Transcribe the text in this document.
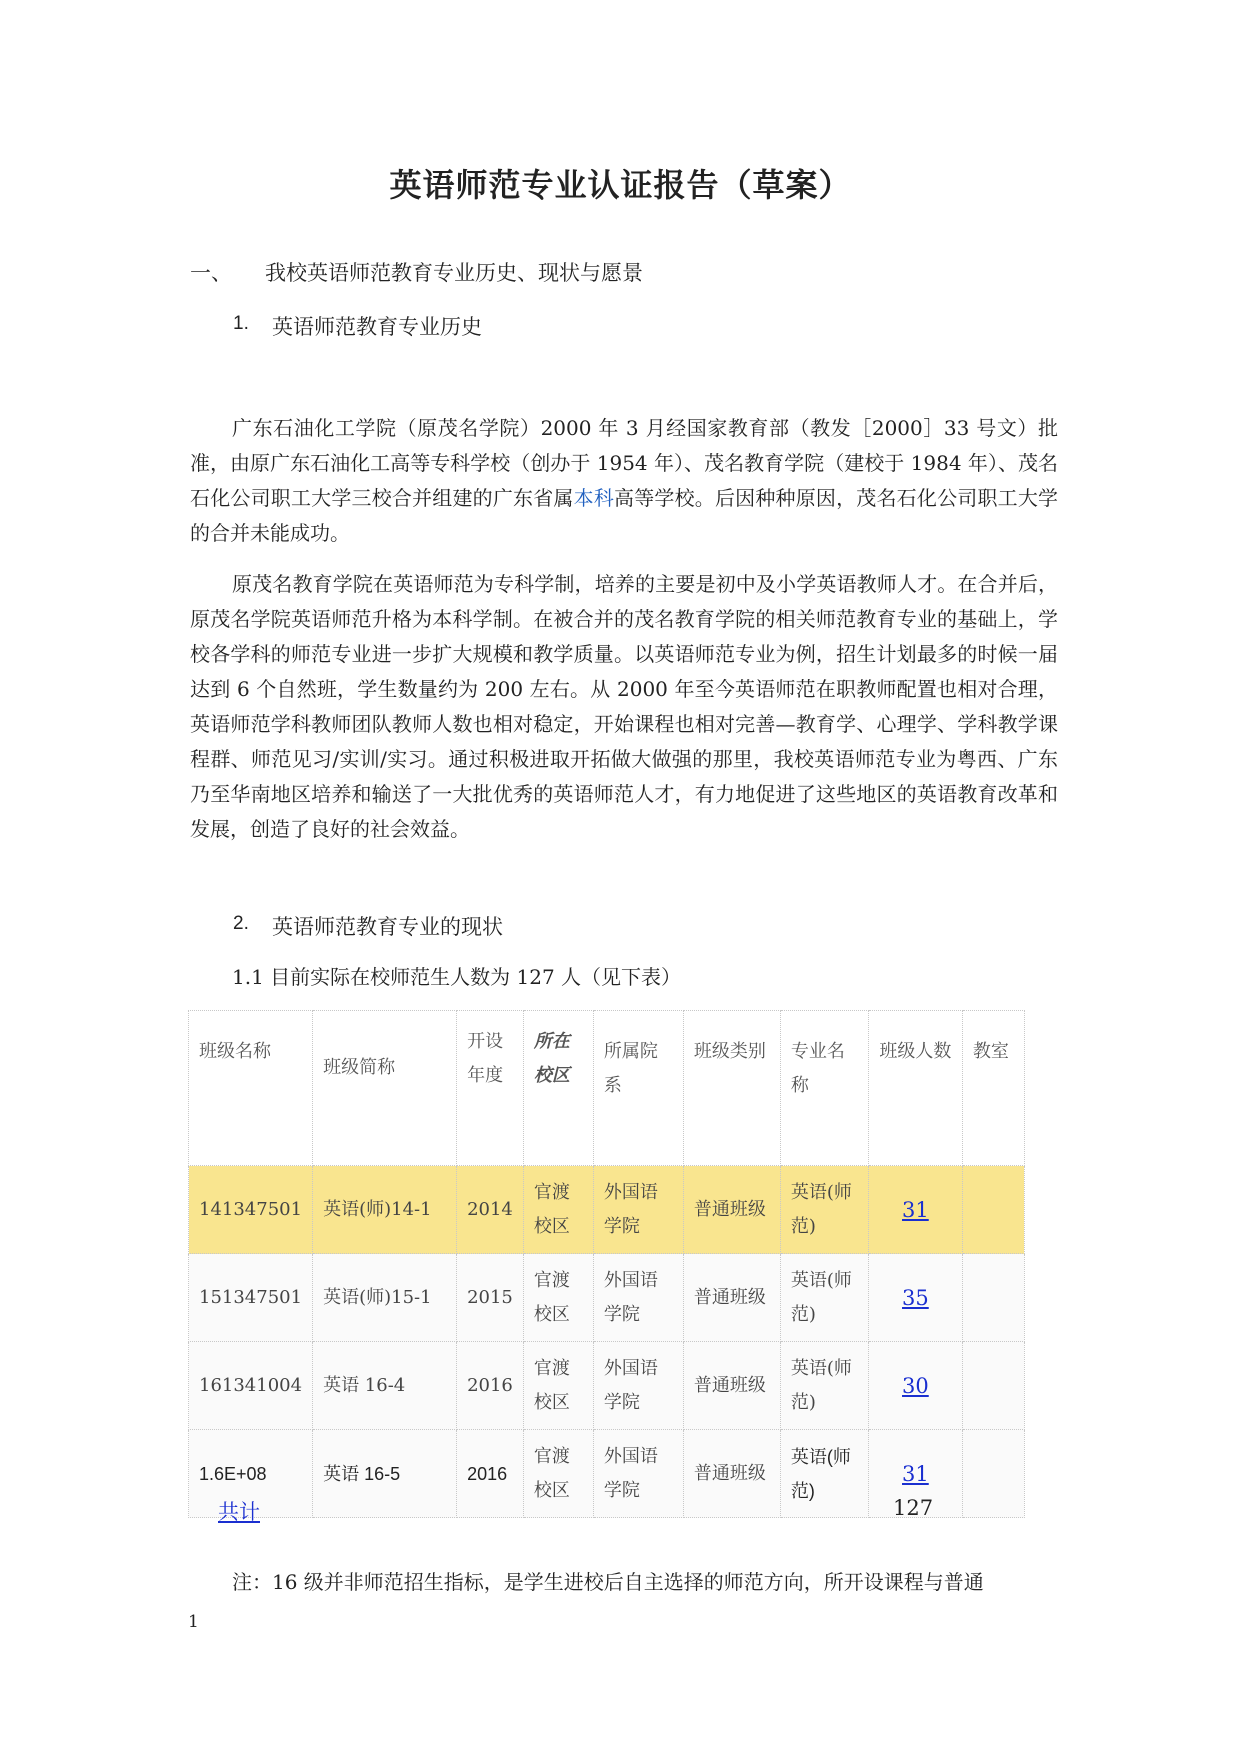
英语师范专业认证报告（草案）
一、 我校英语师范教育专业历史、现状与愿景
1. 英语师范教育专业历史

广东石油化工学院（原茂名学院）2000 年 3 月经国家教育部（教发［2000］33 号文）批准，由原广东石油化工高等专科学校（创办于 1954 年）、茂名教育学院（建校于 1984 年）、茂名石化公司职工大学三校合并组建的广东省属本科高等学校。后因种种原因，茂名石化公司职工大学的合并未能成功。

原茂名教育学院在英语师范为专科学制，培养的主要是初中及小学英语教师人才。在合并后，原茂名学院英语师范升格为本科学制。在被合并的茂名教育学院的相关师范教育专业的基础上，学校各学科的师范专业进一步扩大规模和教学质量。以英语师范专业为例，招生计划最多的时候一届达到 6 个自然班，学生数量约为 200 左右。从 2000 年至今英语师范在职教师配置也相对合理，英语师范学科教师团队教师人数也相对稳定，开始课程也相对完善—教育学、心理学、学科教学课程群、师范见习/实训/实习。通过积极进取开拓做大做强的那里，我校英语师范专业为粤西、广东乃至华南地区培养和输送了一大批优秀的英语师范人才，有力地促进了这些地区的英语教育改革和发展，创造了良好的社会效益。

2. 英语师范教育专业的现状
1.1 目前实际在校师范生人数为 127 人（见下表）
班级名称	班级简称	开设年度	所在校区	所属院系	班级类别	专业名称	班级人数	教室
141347501	英语(师)14-1	2014	官渡校区	外国语学院	普通班级	英语(师范)	31	

151347501	英语(师)15-1	2015	官渡校区	外国语学院	普通班级	英语(师范)	35	

161341004	英语 16-4	2016	官渡校区	外国语学院	普通班级	英语(师范)	30	

1.6E+08	英语 16-5	2016	官渡校区	外国语学院	普通班级	英语(师范)	31	

共计	127
注：16 级并非师范招生指标，是学生进校后自主选择的师范方向，所开设课程与普通
1
